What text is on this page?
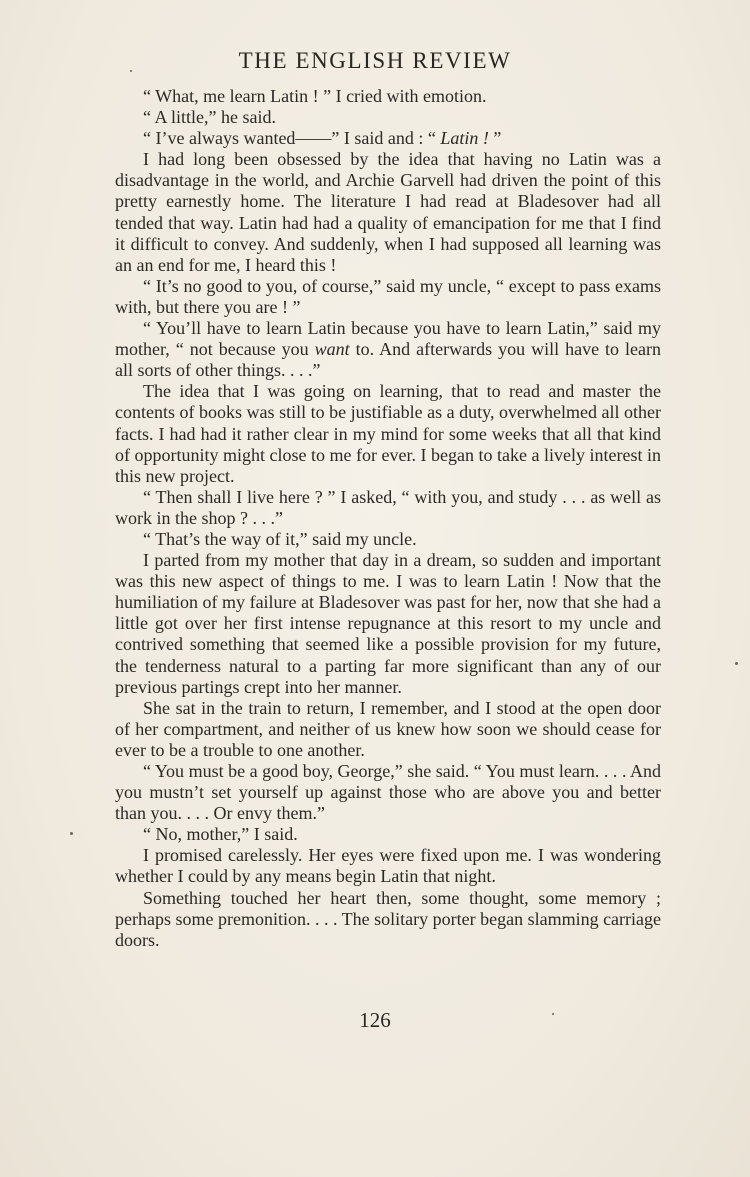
THE ENGLISH REVIEW

“ What, me learn Latin ! ” I cried with emotion.

“ A little,” he said.

“ I’ve always wanted——” I said and : “ Latin ! ”

I had long been obsessed by the idea that having no Latin was a disadvantage in the world, and Archie Garvell had driven the point of this pretty earnestly home. The literature I had read at Bladesover had all tended that way. Latin had had a quality of emancipation for me that I find it difficult to convey. And suddenly, when I had supposed all learning was an an end for me, I heard this !

“ It’s no good to you, of course,” said my uncle, “ except to pass exams with, but there you are ! ”

“ You’ll have to learn Latin because you have to learn Latin,” said my mother, “ not because you want to. And afterwards you will have to learn all sorts of other things. . . .”

The idea that I was going on learning, that to read and master the contents of books was still to be justifiable as a duty, overwhelmed all other facts. I had had it rather clear in my mind for some weeks that all that kind of opportunity might close to me for ever. I began to take a lively interest in this new project.

“ Then shall I live here ? ” I asked, “ with you, and study . . . as well as work in the shop ? . . .”

“ That’s the way of it,” said my uncle.

I parted from my mother that day in a dream, so sudden and important was this new aspect of things to me. I was to learn Latin ! Now that the humiliation of my failure at Bladesover was past for her, now that she had a little got over her first intense repugnance at this resort to my uncle and contrived something that seemed like a possible provision for my future, the tenderness natural to a parting far more significant than any of our previous partings crept into her manner.

She sat in the train to return, I remember, and I stood at the open door of her compartment, and neither of us knew how soon we should cease for ever to be a trouble to one another.

“ You must be a good boy, George,” she said. “ You must learn. . . . And you mustn’t set yourself up against those who are above you and better than you. . . . Or envy them.”

“ No, mother,” I said.

I promised carelessly. Her eyes were fixed upon me. I was wondering whether I could by any means begin Latin that night.

Something touched her heart then, some thought, some memory ; perhaps some premonition. . . . The solitary porter began slamming carriage doors.

126
